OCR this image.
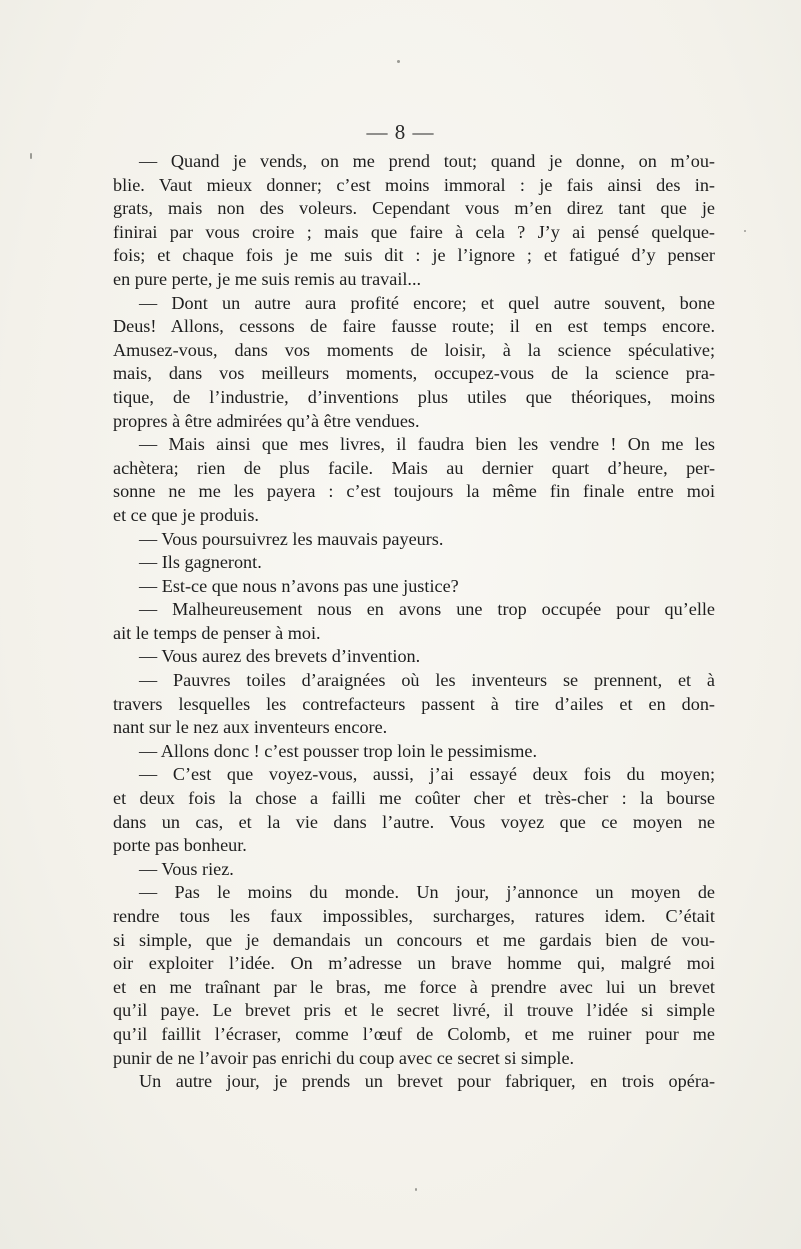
— 8 —
— Quand je vends, on me prend tout; quand je donne, on m’ou-
blie. Vaut mieux donner; c’est moins immoral : je fais ainsi des in-
grats, mais non des voleurs. Cependant vous m’en direz tant que je
finirai par vous croire ; mais que faire à cela ? J’y ai pensé quelque-
fois; et chaque fois je me suis dit : je l’ignore ; et fatigué d’y penser
en pure perte, je me suis remis au travail...
— Dont un autre aura profité encore; et quel autre souvent, bone
Deus! Allons, cessons de faire fausse route; il en est temps encore.
Amusez-vous, dans vos moments de loisir, à la science spéculative;
mais, dans vos meilleurs moments, occupez-vous de la science pra-
tique, de l’industrie, d’inventions plus utiles que théoriques, moins
propres à être admirées qu’à être vendues.
— Mais ainsi que mes livres, il faudra bien les vendre ! On me les
achètera; rien de plus facile. Mais au dernier quart d’heure, per-
sonne ne me les payera : c’est toujours la même fin finale entre moi
et ce que je produis.
— Vous poursuivrez les mauvais payeurs.
— Ils gagneront.
— Est-ce que nous n’avons pas une justice?
— Malheureusement nous en avons une trop occupée pour qu’elle
ait le temps de penser à moi.
— Vous aurez des brevets d’invention.
— Pauvres toiles d’araignées où les inventeurs se prennent, et à
travers lesquelles les contrefacteurs passent à tire d’ailes et en don-
nant sur le nez aux inventeurs encore.
— Allons donc ! c’est pousser trop loin le pessimisme.
— C’est que voyez-vous, aussi, j’ai essayé deux fois du moyen;
et deux fois la chose a failli me coûter cher et très-cher : la bourse
dans un cas, et la vie dans l’autre. Vous voyez que ce moyen ne
porte pas bonheur.
— Vous riez.
— Pas le moins du monde. Un jour, j’annonce un moyen de
rendre tous les faux impossibles, surcharges, ratures idem. C’était
si simple, que je demandais un concours et me gardais bien de vou-
oir exploiter l’idée. On m’adresse un brave homme qui, malgré moi
et en me traînant par le bras, me force à prendre avec lui un brevet
qu’il paye. Le brevet pris et le secret livré, il trouve l’idée si simple
qu’il faillit l’écraser, comme l’œuf de Colomb, et me ruiner pour me
punir de ne l’avoir pas enrichi du coup avec ce secret si simple.
Un autre jour, je prends un brevet pour fabriquer, en trois opéra-
